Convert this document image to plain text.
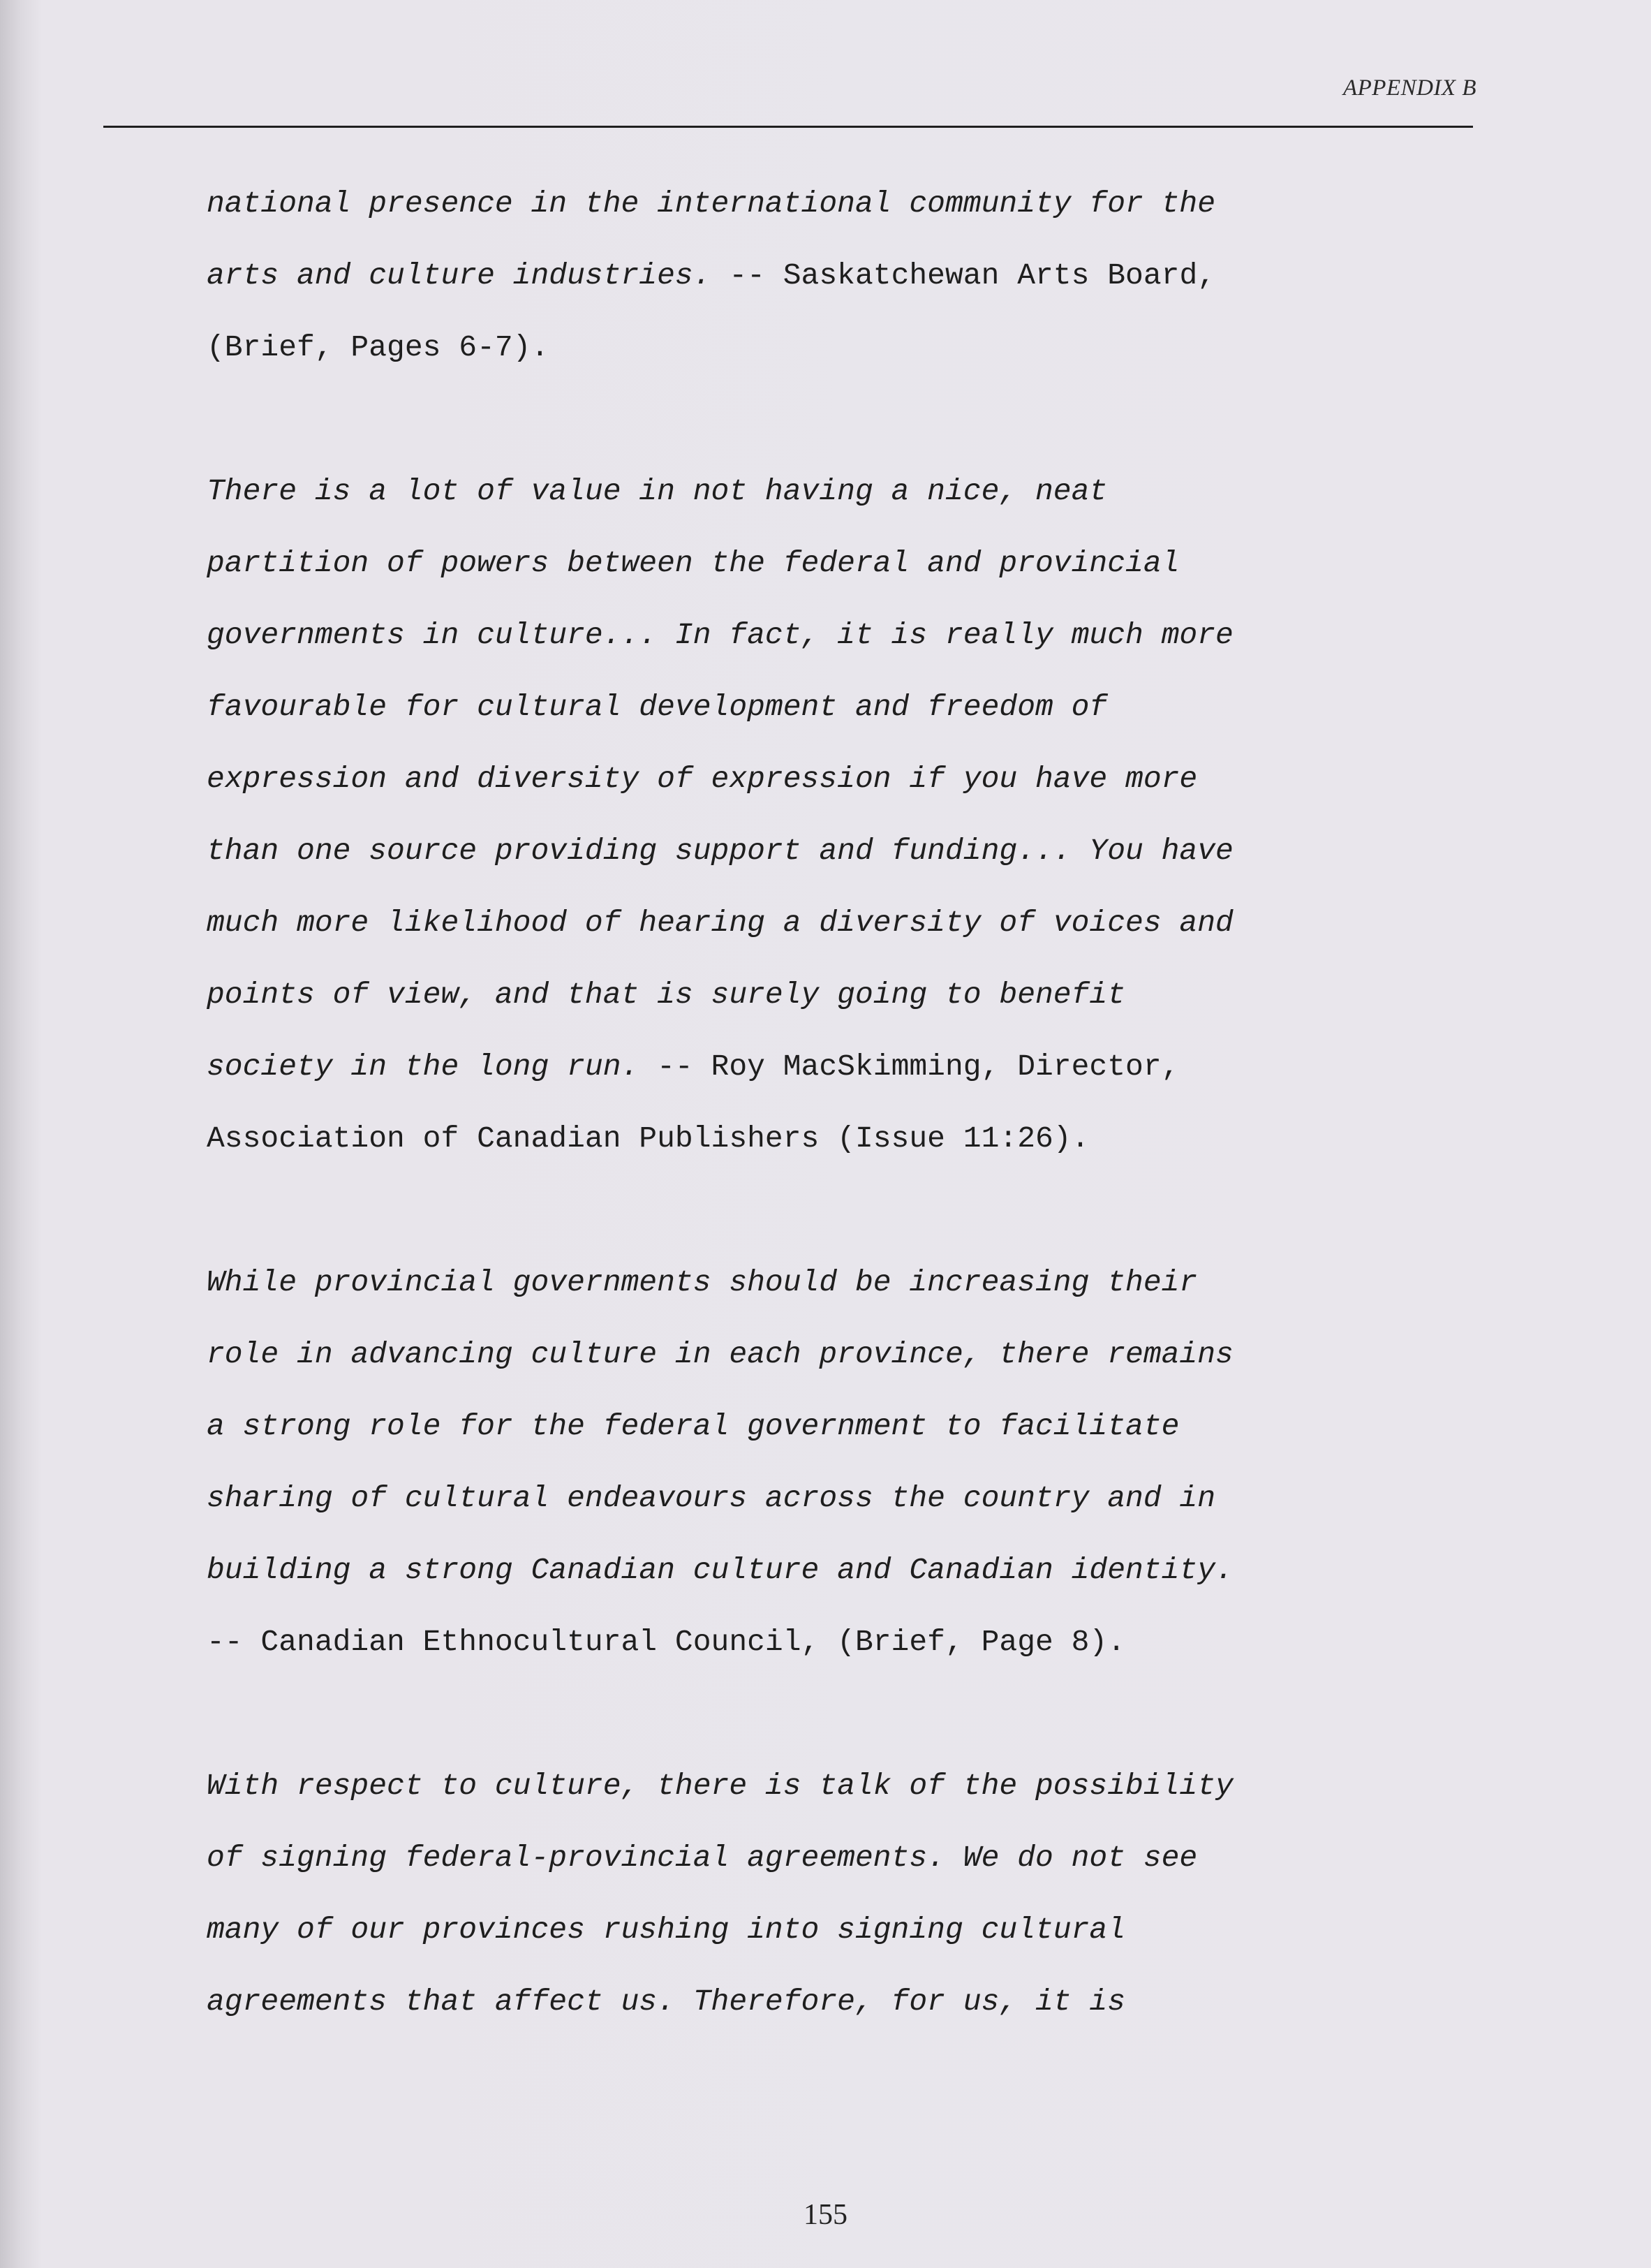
APPENDIX B
national presence in the international community for the
arts and culture industries. -- Saskatchewan Arts Board,
(Brief, Pages 6-7).
There is a lot of value in not having a nice, neat
partition of powers between the federal and provincial
governments in culture... In fact, it is really much more
favourable for cultural development and freedom of
expression and diversity of expression if you have more
than one source providing support and funding... You have
much more likelihood of hearing a diversity of voices and
points of view, and that is surely going to benefit
society in the long run. -- Roy MacSkimming, Director,
Association of Canadian Publishers (Issue 11:26).
While provincial governments should be increasing their
role in advancing culture in each province, there remains
a strong role for the federal government to facilitate
sharing of cultural endeavours across the country and in
building a strong Canadian culture and Canadian identity.
-- Canadian Ethnocultural Council, (Brief, Page 8).
With respect to culture, there is talk of the possibility
of signing federal-provincial agreements. We do not see
many of our provinces rushing into signing cultural
agreements that affect us. Therefore, for us, it is
155
